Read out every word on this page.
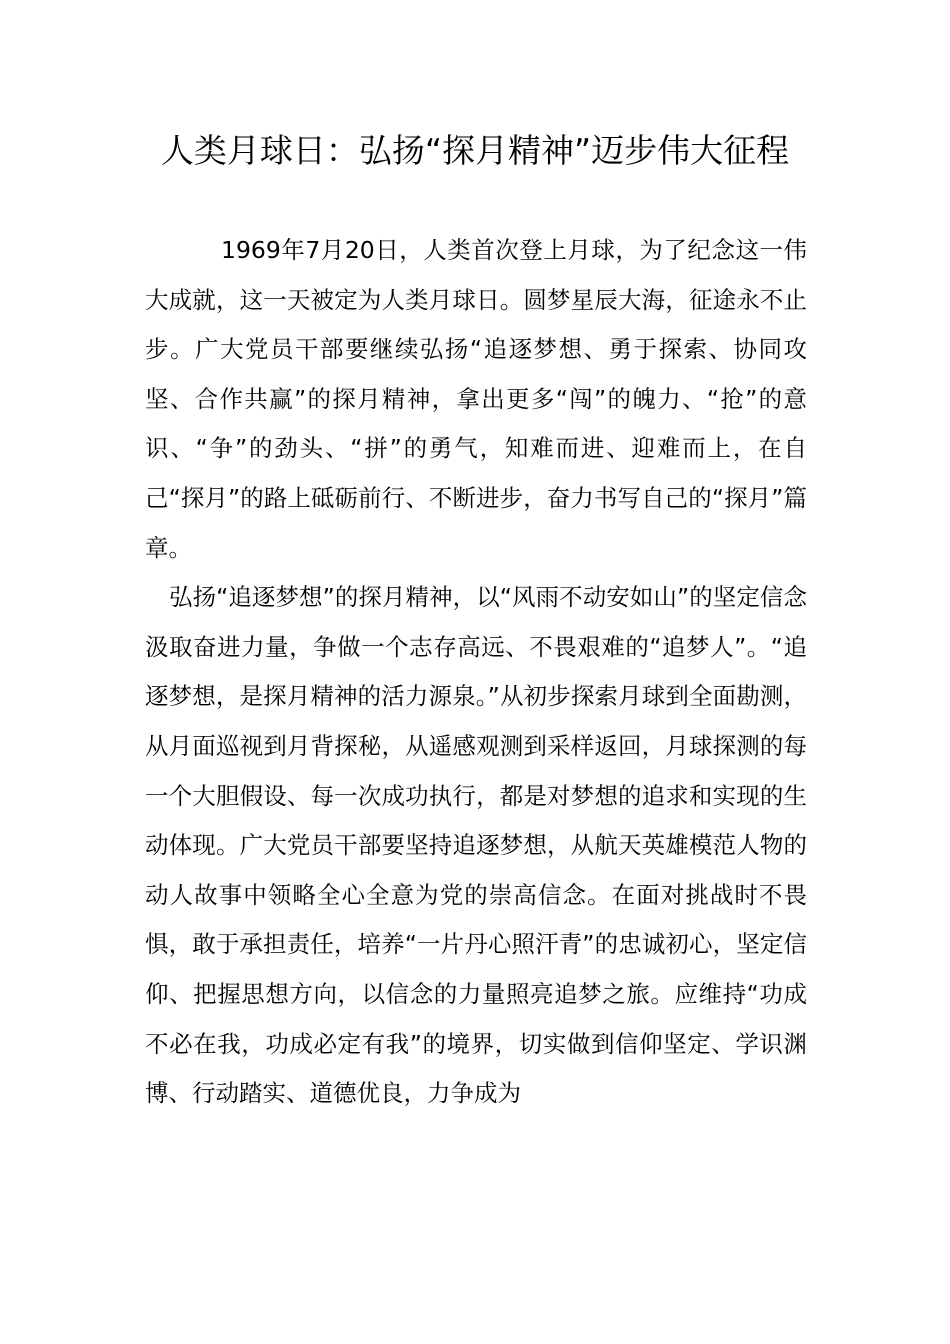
人类月球日：弘扬“探月精神”迈步伟大征程

1969年7月20日，人类首次登上月球，为了纪念这一伟大成就，这一天被定为人类月球日。圆梦星辰大海，征途永不止步。广大党员干部要继续弘扬“追逐梦想、勇于探索、协同攻坚、合作共赢”的探月精神，拿出更多“闯”的魄力、“抢”的意识、“争”的劲头、“拼”的勇气，知难而进、迎难而上，在自己“探月”的路上砥砺前行、不断进步，奋力书写自己的“探月”篇章。

弘扬“追逐梦想”的探月精神，以“风雨不动安如山”的坚定信念汲取奋进力量，争做一个志存高远、不畏艰难的“追梦人”。“追逐梦想，是探月精神的活力源泉。”从初步探索月球到全面勘测，从月面巡视到月背探秘，从遥感观测到采样返回，月球探测的每一个大胆假设、每一次成功执行，都是对梦想的追求和实现的生动体现。广大党员干部要坚持追逐梦想，从航天英雄模范人物的动人故事中领略全心全意为党的崇高信念。在面对挑战时不畏惧，敢于承担责任，培养“一片丹心照汗青”的忠诚初心，坚定信仰、把握思想方向，以信念的力量照亮追梦之旅。应维持“功成不必在我，功成必定有我”的境界，切实做到信仰坚定、学识渊博、行动踏实、道德优良，力争成为
